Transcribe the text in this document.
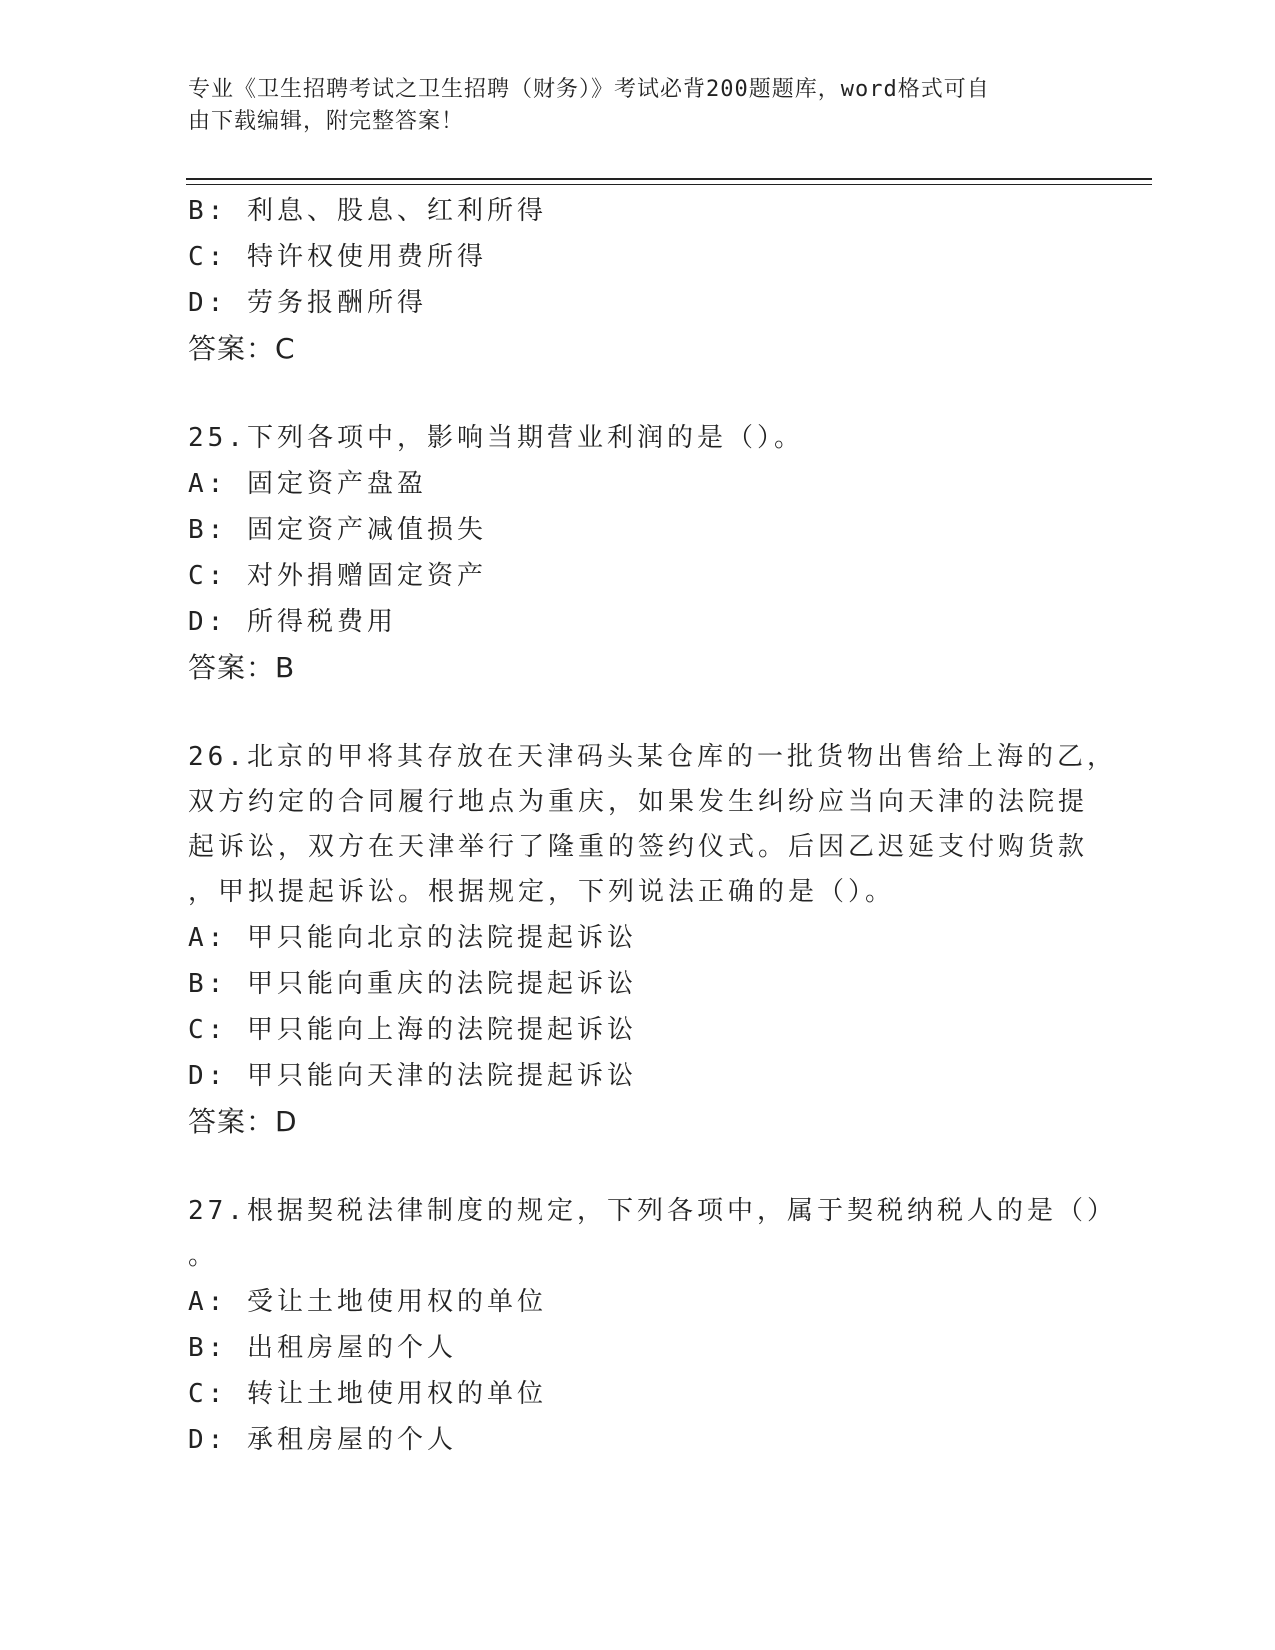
专业《卫生招聘考试之卫生招聘（财务）》考试必背200题题库，word格式可自
由下载编辑，附完整答案！
B: 利息、股息、红利所得
C: 特许权使用费所得
D: 劳务报酬所得
答案：C
25.下列各项中，影响当期营业利润的是（）。
A: 固定资产盘盈
B: 固定资产减值损失
C: 对外捐赠固定资产
D: 所得税费用
答案：B
26.北京的甲将其存放在天津码头某仓库的一批货物出售给上海的乙，
双方约定的合同履行地点为重庆，如果发生纠纷应当向天津的法院提
起诉讼，双方在天津举行了隆重的签约仪式。后因乙迟延支付购货款
，甲拟提起诉讼。根据规定，下列说法正确的是（）。
A: 甲只能向北京的法院提起诉讼
B: 甲只能向重庆的法院提起诉讼
C: 甲只能向上海的法院提起诉讼
D: 甲只能向天津的法院提起诉讼
答案：D
27.根据契税法律制度的规定，下列各项中，属于契税纳税人的是（）
。
A: 受让土地使用权的单位
B: 出租房屋的个人
C: 转让土地使用权的单位
D: 承租房屋的个人
